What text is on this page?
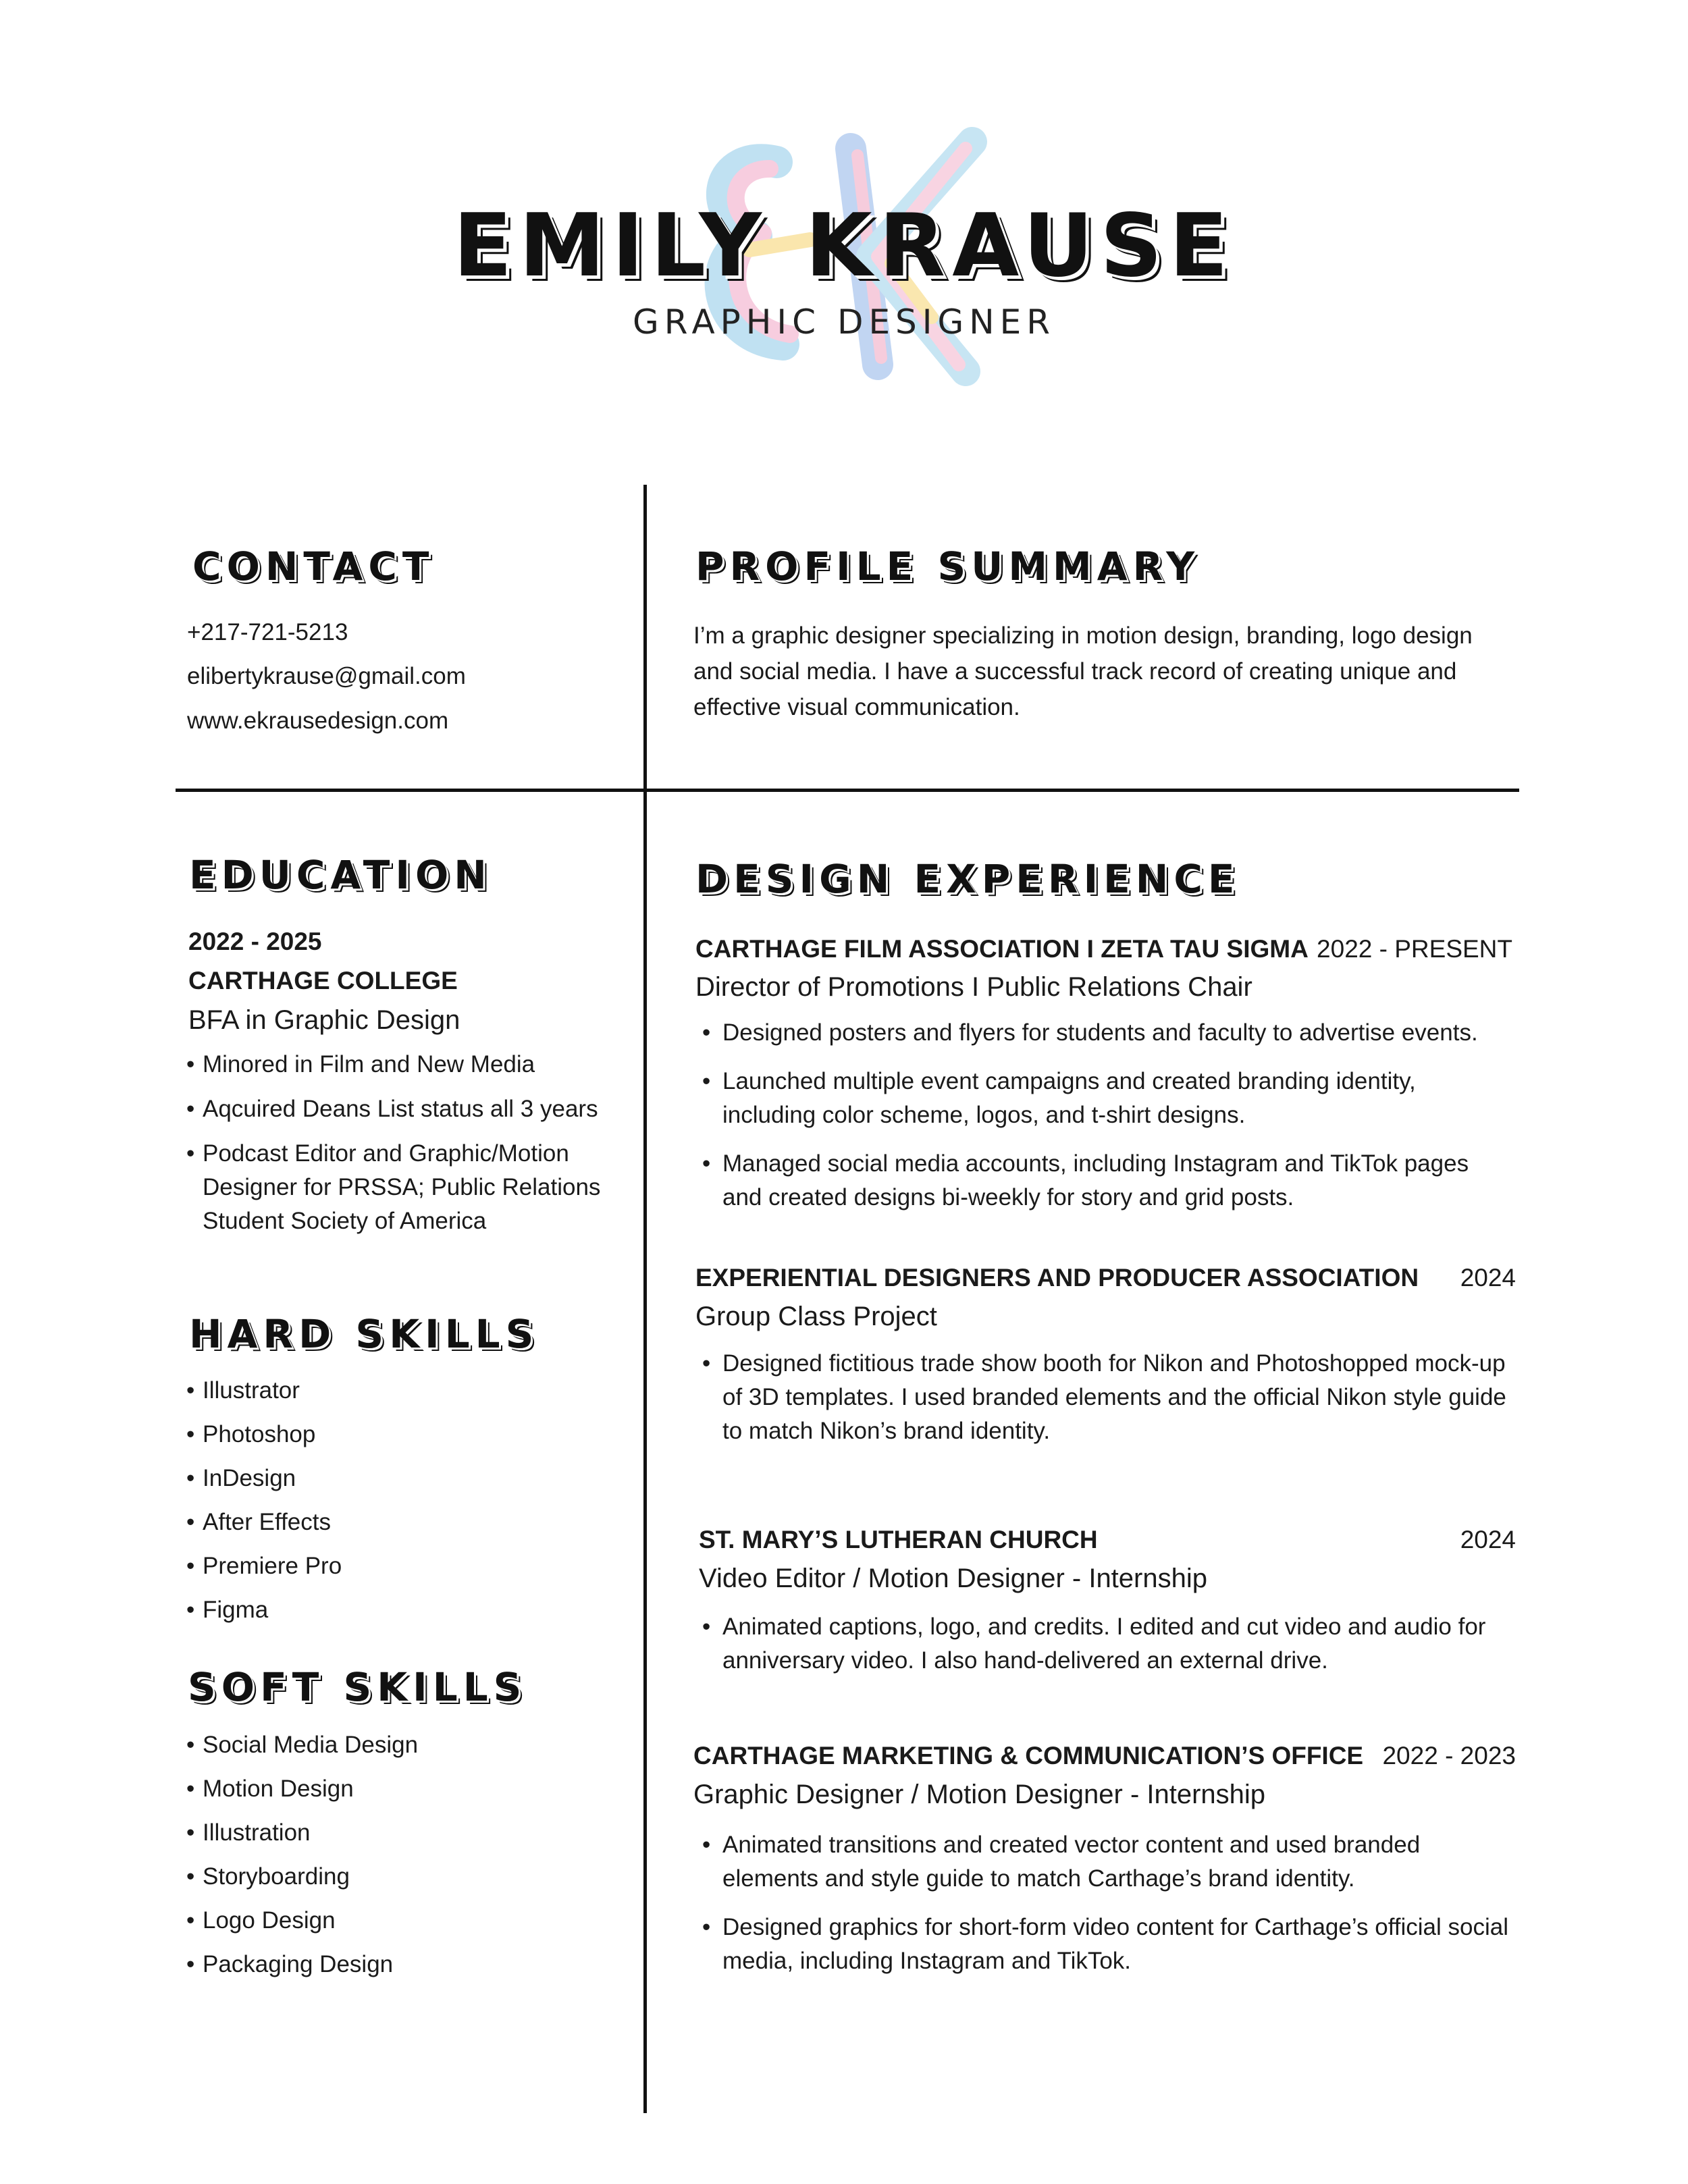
EMILY KRAUSE
GRAPHIC DESIGNER
CONTACT
+217-721-5213
elibertykrause@gmail.com
www.ekrausedesign.com
PROFILE SUMMARY
I’m a graphic designer specializing in motion design, branding, logo design and social media. I have a successful track record of creating unique and effective visual communication.
EDUCATION
2022 - 2025
CARTHAGE COLLEGE
BFA in Graphic Design
• Minored in Film and New Media
• Aqcuired Deans List status all 3 years
• Podcast Editor and Graphic/Motion Designer for PRSSA; Public Relations Student Society of America
HARD SKILLS
• Illustrator
• Photoshop
• InDesign
• After Effects
• Premiere Pro
• Figma
SOFT SKILLS
• Social Media Design
• Motion Design
• Illustration
• Storyboarding
• Logo Design
• Packaging Design
DESIGN EXPERIENCE
CARTHAGE FILM ASSOCIATION I ZETA TAU SIGMA 2022 - PRESENT
Director of Promotions I Public Relations Chair
• Designed posters and flyers for students and faculty to advertise events.
• Launched multiple event campaigns and created branding identity, including color scheme, logos, and t-shirt designs.
• Managed social media accounts, including Instagram and TikTok pages and created designs bi-weekly for story and grid posts.
EXPERIENTIAL DESIGNERS AND PRODUCER ASSOCIATION	2024
Group Class Project
• Designed fictitious trade show booth for Nikon and Photoshopped mock-up of 3D templates. I used branded elements and the official Nikon style guide to match Nikon’s brand identity.
ST. MARY’S LUTHERAN CHURCH	2024
Video Editor / Motion Designer - Internship
• Animated captions, logo, and credits. I edited and cut video and audio for anniversary video. I also hand-delivered an external drive.
CARTHAGE MARKETING & COMMUNICATION’S OFFICE 2022 - 2023
Graphic Designer / Motion Designer - Internship
• Animated transitions and created vector content and used branded elements and style guide to match Carthage’s brand identity.
• Designed graphics for short-form video content for Carthage’s official social media, including Instagram and TikTok.
